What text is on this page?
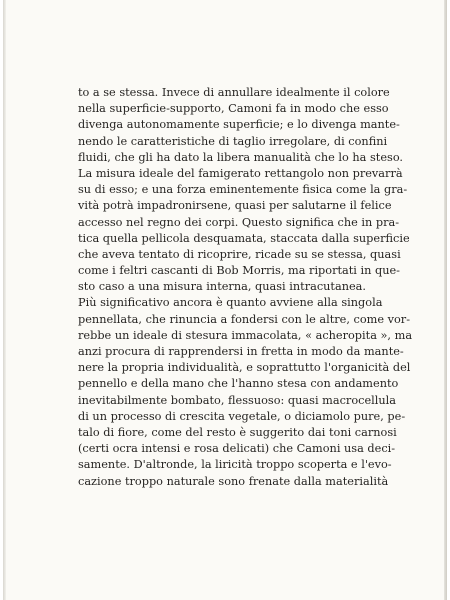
to a se stessa. Invece di annullare idealmente il colore
nella superficie-supporto, Camoni fa in modo che esso
divenga autonomamente superficie; e lo divenga mante-
nendo le caratteristiche di taglio irregolare, di confini
fluidi, che gli ha dato la libera manualità che lo ha steso.
La misura ideale del famigerato rettangolo non prevarrà
su di esso; e una forza eminentemente fisica come la gra-
vità potrà impadronirsene, quasi per salutarne il felice
accesso nel regno dei corpi. Questo significa che in pra-
tica quella pellicola desquamata, staccata dalla superficie
che aveva tentato di ricoprire, ricade su se stessa, quasi
come i feltri cascanti di Bob Morris, ma riportati in que-
sto caso a una misura interna, quasi intracutanea.
Più significativo ancora è quanto avviene alla singola
pennellata, che rinuncia a fondersi con le altre, come vor-
rebbe un ideale di stesura immacolata, « acheropita », ma
anzi procura di rapprendersi in fretta in modo da mante-
nere la propria individualità, e soprattutto l'organicità del
pennello e della mano che l'hanno stesa con andamento
inevitabilmente bombato, flessuoso: quasi macrocellula
di un processo di crescita vegetale, o diciamolo pure, pe-
talo di fiore, come del resto è suggerito dai toni carnosi
(certi ocra intensi e rosa delicati) che Camoni usa deci-
samente. D'altronde, la liricità troppo scoperta e l'evo-
cazione troppo naturale sono frenate dalla materialità
